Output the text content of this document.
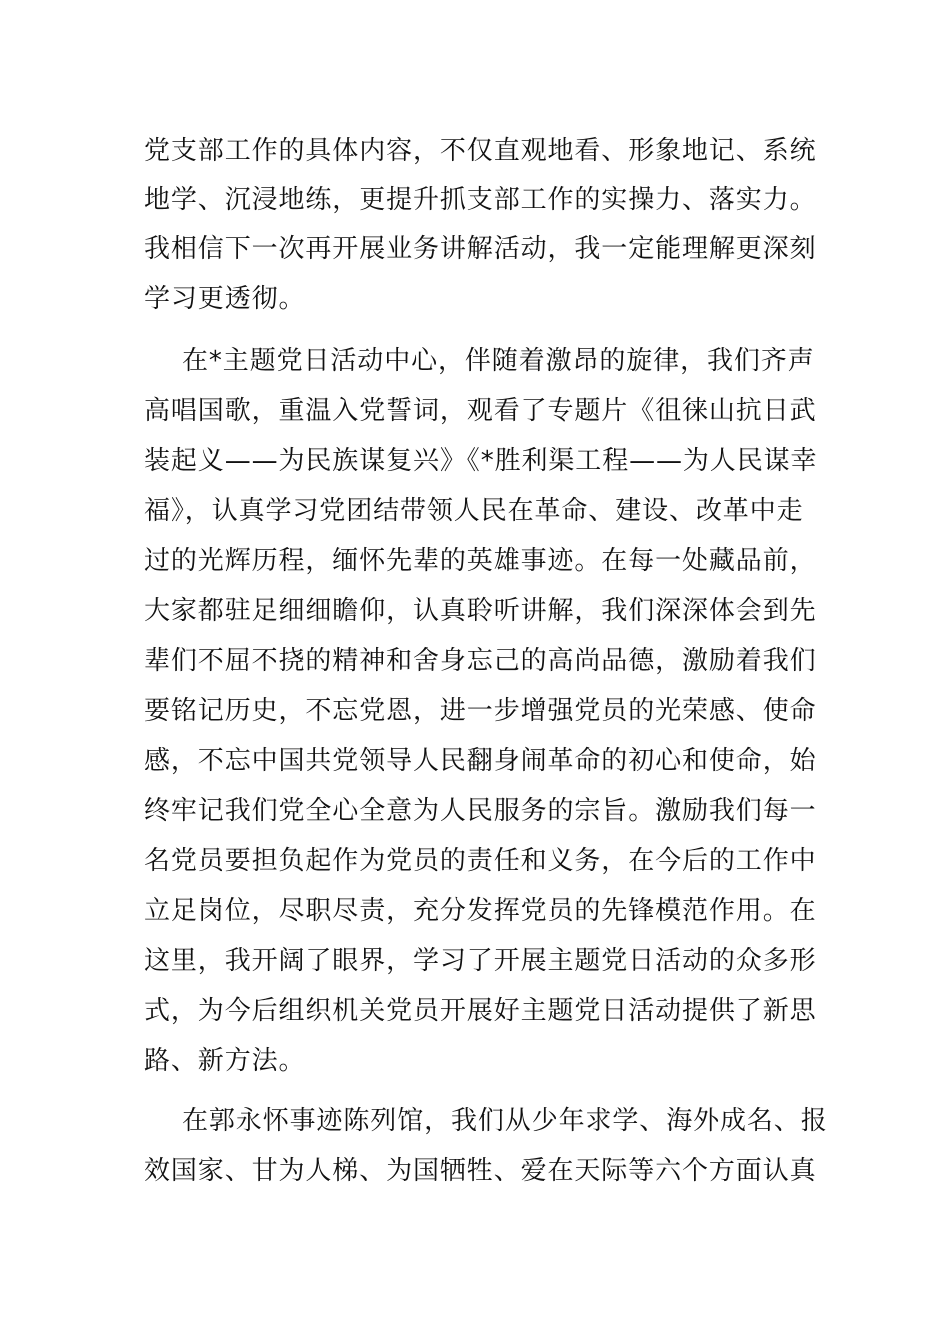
党支部工作的具体内容，不仅直观地看、形象地记、系统
地学、沉浸地练，更提升抓支部工作的实操力、落实力。
我相信下一次再开展业务讲解活动，我一定能理解更深刻
学习更透彻。
在*主题党日活动中心，伴随着激昂的旋律，我们齐声
高唱国歌，重温入党誓词，观看了专题片《徂徕山抗日武
装起义——为民族谋复兴》《*胜利渠工程——为人民谋幸
福》，认真学习党团结带领人民在革命、建设、改革中走
过的光辉历程，缅怀先辈的英雄事迹。在每一处藏品前，
大家都驻足细细瞻仰，认真聆听讲解，我们深深体会到先
辈们不屈不挠的精神和舍身忘己的高尚品德，激励着我们
要铭记历史，不忘党恩，进一步增强党员的光荣感、使命
感，不忘中国共党领导人民翻身闹革命的初心和使命，始
终牢记我们党全心全意为人民服务的宗旨。激励我们每一
名党员要担负起作为党员的责任和义务，在今后的工作中
立足岗位，尽职尽责，充分发挥党员的先锋模范作用。在
这里，我开阔了眼界，学习了开展主题党日活动的众多形
式，为今后组织机关党员开展好主题党日活动提供了新思
路、新方法。
在郭永怀事迹陈列馆，我们从少年求学、海外成名、报
效国家、甘为人梯、为国牺牲、爱在天际等六个方面认真
